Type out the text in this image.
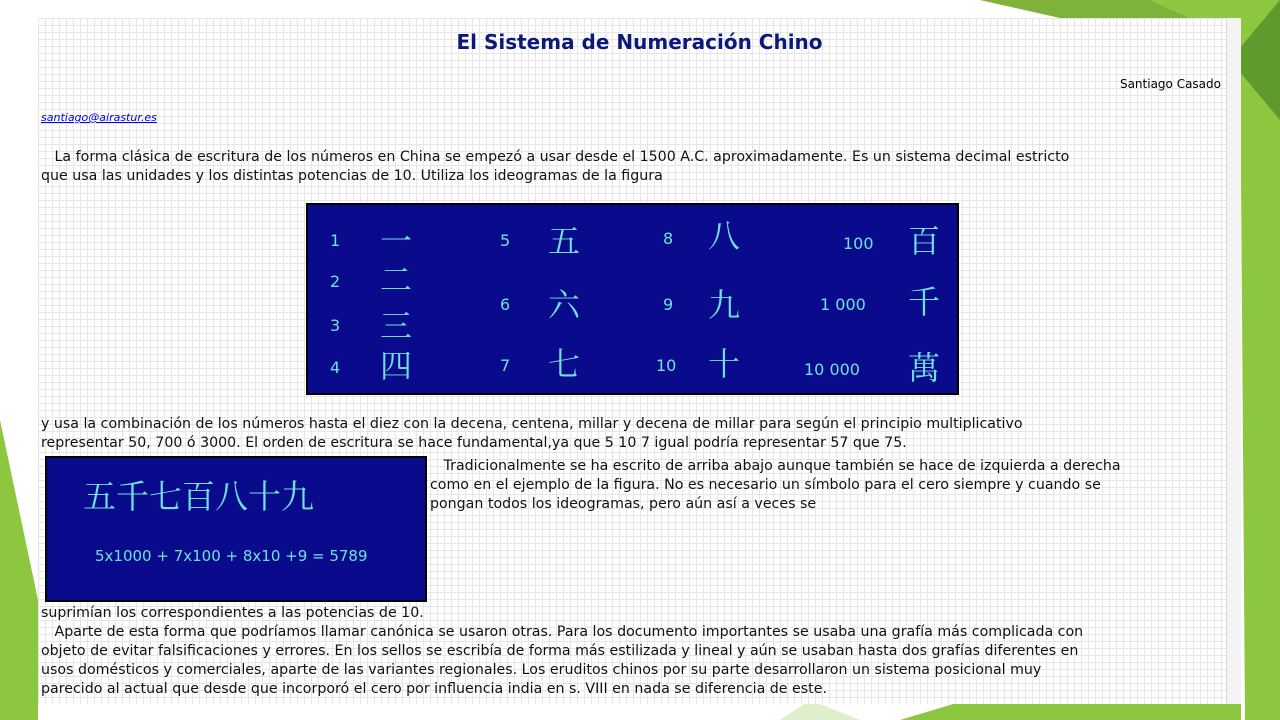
El Sistema de Numeración Chino
Santiago Casado
santiago@airastur.es

La forma clásica de escritura de los números en China se empezó a usar desde el 1500 A.C. aproximadamente. Es un sistema decimal estricto
que usa las unidades y los distintas potencias de 10. Utiliza los ideogramas de la figura

1 一
2 二
3 三
4 四
5 五
6 六
7 七
8 八
9 九
10 十
100 百
1 000 千
10 000 萬

y usa la combinación de los números hasta el diez con la decena, centena, millar y decena de millar para según el principio multiplicativo
representar 50, 700 ó 3000. El orden de escritura se hace fundamental,ya que 5 10 7 igual podría representar 57 que 75.

五千七百八十九
5x1000 + 7x100 + 8x10 +9 = 5789

Tradicionalmente se ha escrito de arriba abajo aunque también se hace de izquierda a derecha
como en el ejemplo de la figura. No es necesario un símbolo para el cero siempre y cuando se
pongan todos los ideogramas, pero aún así a veces se

suprimían los correspondientes a las potencias de 10.
Aparte de esta forma que podríamos llamar canónica se usaron otras. Para los documento importantes se usaba una grafía más complicada con
objeto de evitar falsificaciones y errores. En los sellos se escribía de forma más estilizada y lineal y aún se usaban hasta dos grafías diferentes en
usos domésticos y comerciales, aparte de las variantes regionales. Los eruditos chinos por su parte desarrollaron un sistema posicional muy
parecido al actual que desde que incorporó el cero por influencia india en s. VIII en nada se diferencia de este.
